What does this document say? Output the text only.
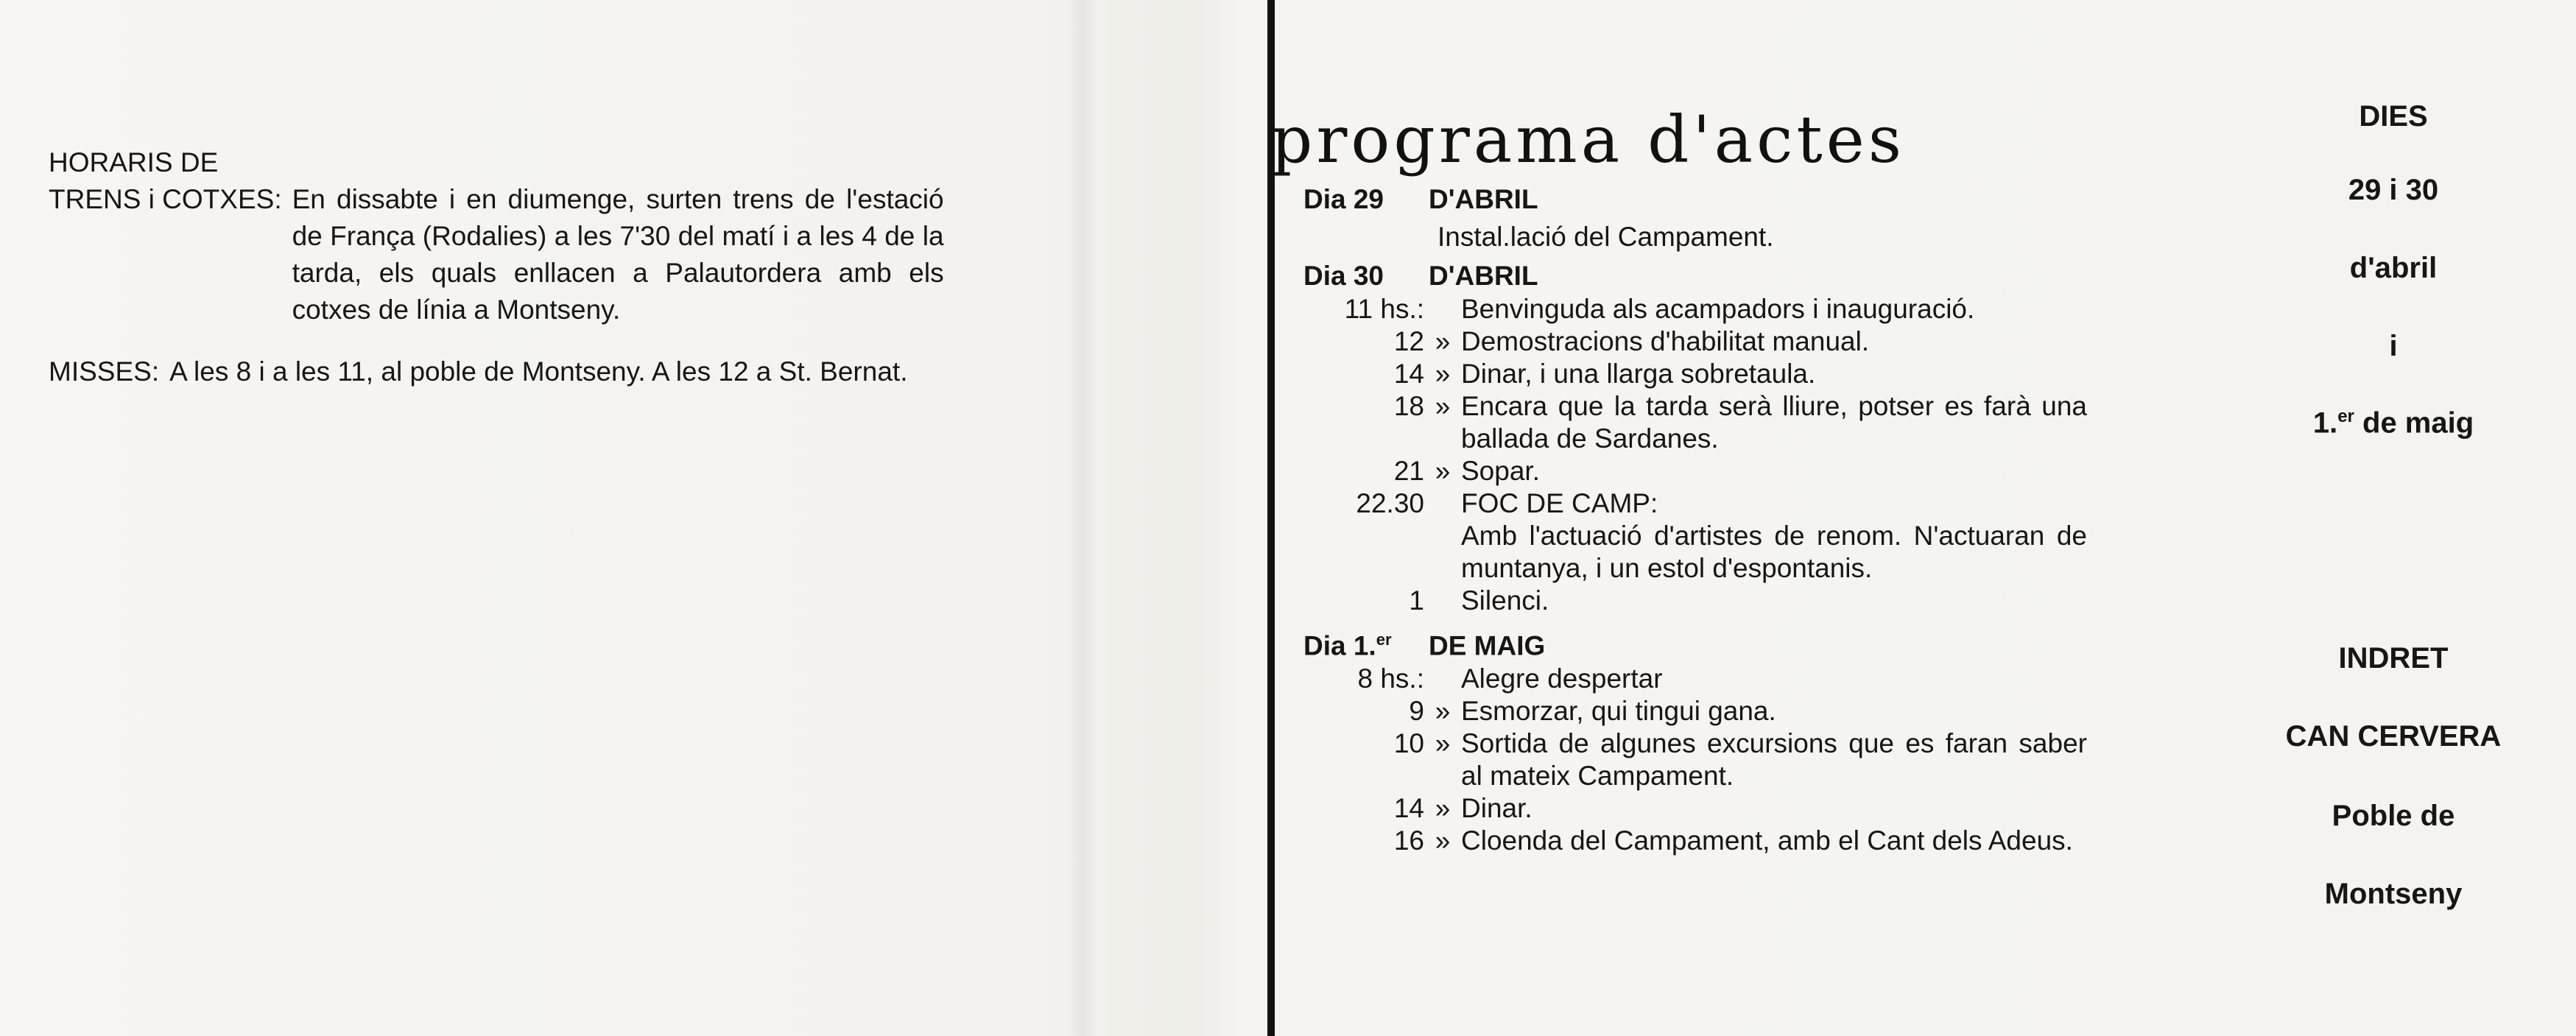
HORARIS DE
TRENS i COTXES: En dissabte i en diumenge, surten trens de l'estació de França (Rodalies) a les 7'30 del matí i a les 4 de la tarda, els quals enllacen a Palautordera amb els cotxes de línia a Montseny.
MISSES: A les 8 i a les 11, al poble de Montseny. A les 12 a St. Bernat.
programa d'actes
Dia 29 D'ABRIL
Instal.lació del Campament.
Dia 30 D'ABRIL
11 hs.: Benvinguda als acampadors i inauguració.
12 » Demostracions d'habilitat manual.
14 » Dinar, i una llarga sobretaula.
18 » Encara que la tarda serà lliure, potser es farà una ballada de Sardanes.
21 » Sopar.
22.30 FOC DE CAMP:
Amb l'actuació d'artistes de renom. N'actuaran de muntanya, i un estol d'espontanis.
1 Silenci.
Dia 1.$^{er}$ DE MAIG
8 hs.: Alegre despertar
9 » Esmorzar, qui tingui gana.
10 » Sortida de algunes excursions que es faran saber al mateix Campament.
14 » Dinar.
16 » Cloenda del Campament, amb el Cant dels Adeus.
DIES
29 i 30
d'abril
i
1.$^{er}$ de maig
INDRET
CAN CERVERA
Poble de
Montseny
